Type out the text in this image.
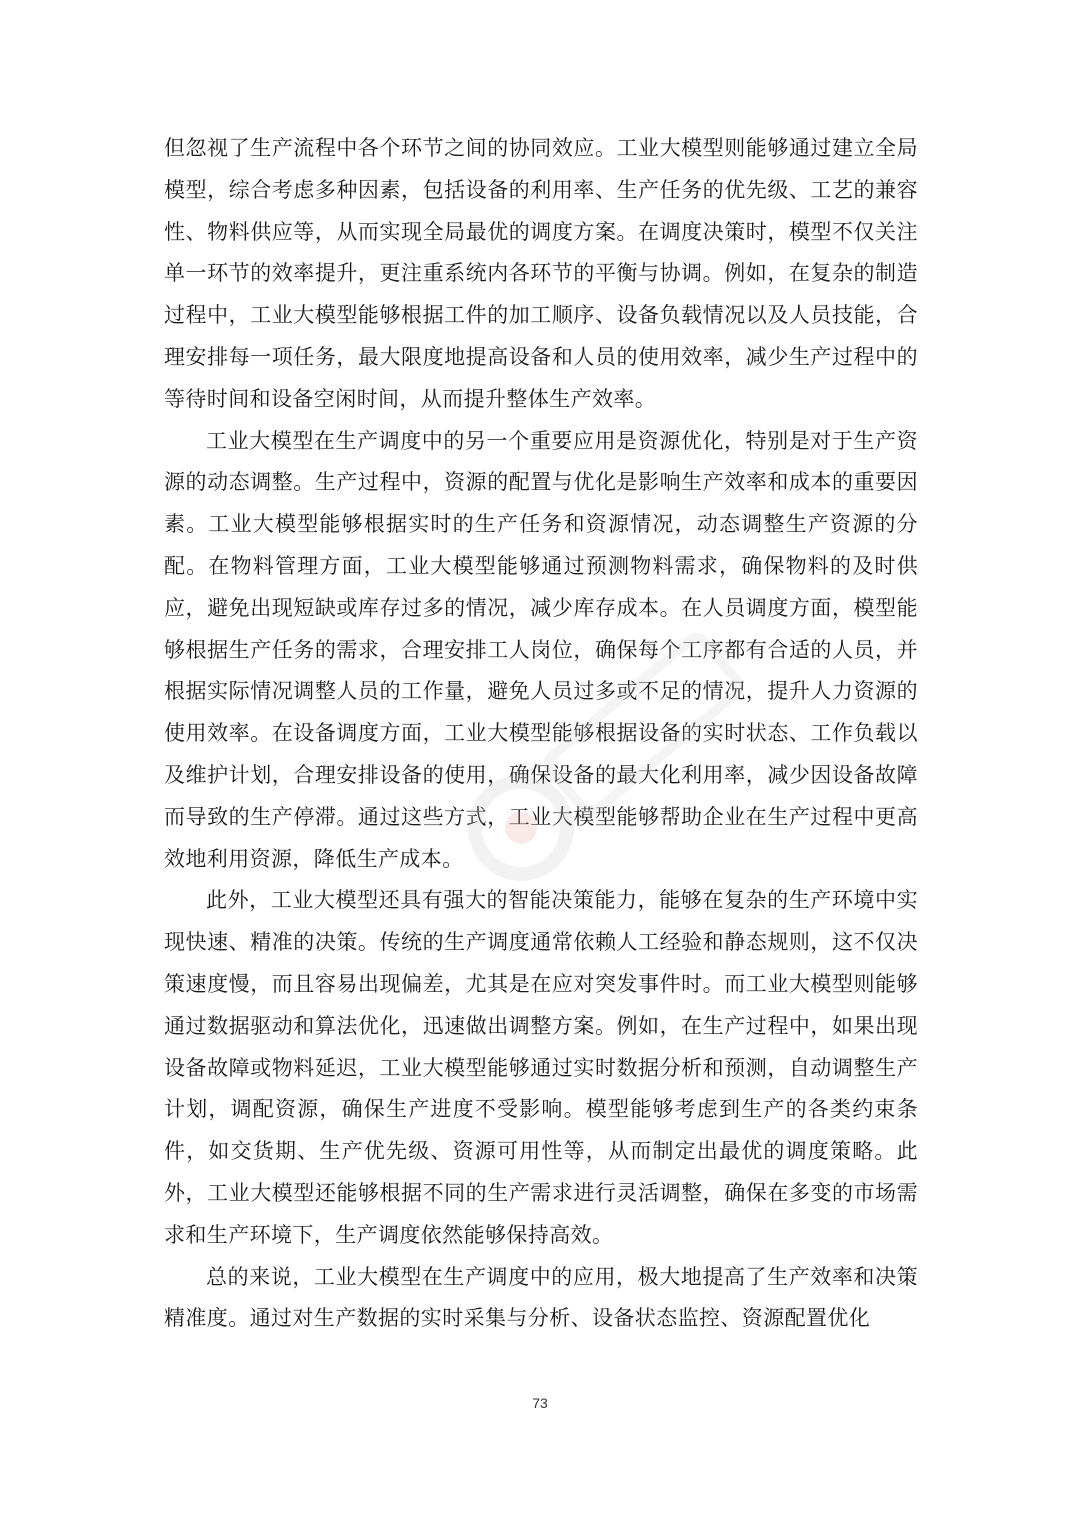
但忽视了生产流程中各个环节之间的协同效应。工业大模型则能够通过建立全局模型，综合考虑多种因素，包括设备的利用率、生产任务的优先级、工艺的兼容性、物料供应等，从而实现全局最优的调度方案。在调度决策时，模型不仅关注单一环节的效率提升，更注重系统内各环节的平衡与协调。例如，在复杂的制造过程中，工业大模型能够根据工件的加工顺序、设备负载情况以及人员技能，合理安排每一项任务，最大限度地提高设备和人员的使用效率，减少生产过程中的等待时间和设备空闲时间，从而提升整体生产效率。

工业大模型在生产调度中的另一个重要应用是资源优化，特别是对于生产资源的动态调整。生产过程中，资源的配置与优化是影响生产效率和成本的重要因素。工业大模型能够根据实时的生产任务和资源情况，动态调整生产资源的分配。在物料管理方面，工业大模型能够通过预测物料需求，确保物料的及时供应，避免出现短缺或库存过多的情况，减少库存成本。在人员调度方面，模型能够根据生产任务的需求，合理安排工人岗位，确保每个工序都有合适的人员，并根据实际情况调整人员的工作量，避免人员过多或不足的情况，提升人力资源的使用效率。在设备调度方面，工业大模型能够根据设备的实时状态、工作负载以及维护计划，合理安排设备的使用，确保设备的最大化利用率，减少因设备故障而导致的生产停滞。通过这些方式，工业大模型能够帮助企业在生产过程中更高效地利用资源，降低生产成本。

此外，工业大模型还具有强大的智能决策能力，能够在复杂的生产环境中实现快速、精准的决策。传统的生产调度通常依赖人工经验和静态规则，这不仅决策速度慢，而且容易出现偏差，尤其是在应对突发事件时。而工业大模型则能够通过数据驱动和算法优化，迅速做出调整方案。例如，在生产过程中，如果出现设备故障或物料延迟，工业大模型能够通过实时数据分析和预测，自动调整生产计划，调配资源，确保生产进度不受影响。模型能够考虑到生产的各类约束条件，如交货期、生产优先级、资源可用性等，从而制定出最优的调度策略。此外，工业大模型还能够根据不同的生产需求进行灵活调整，确保在多变的市场需求和生产环境下，生产调度依然能够保持高效。

总的来说，工业大模型在生产调度中的应用，极大地提高了生产效率和决策精准度。通过对生产数据的实时采集与分析、设备状态监控、资源配置优化

73
